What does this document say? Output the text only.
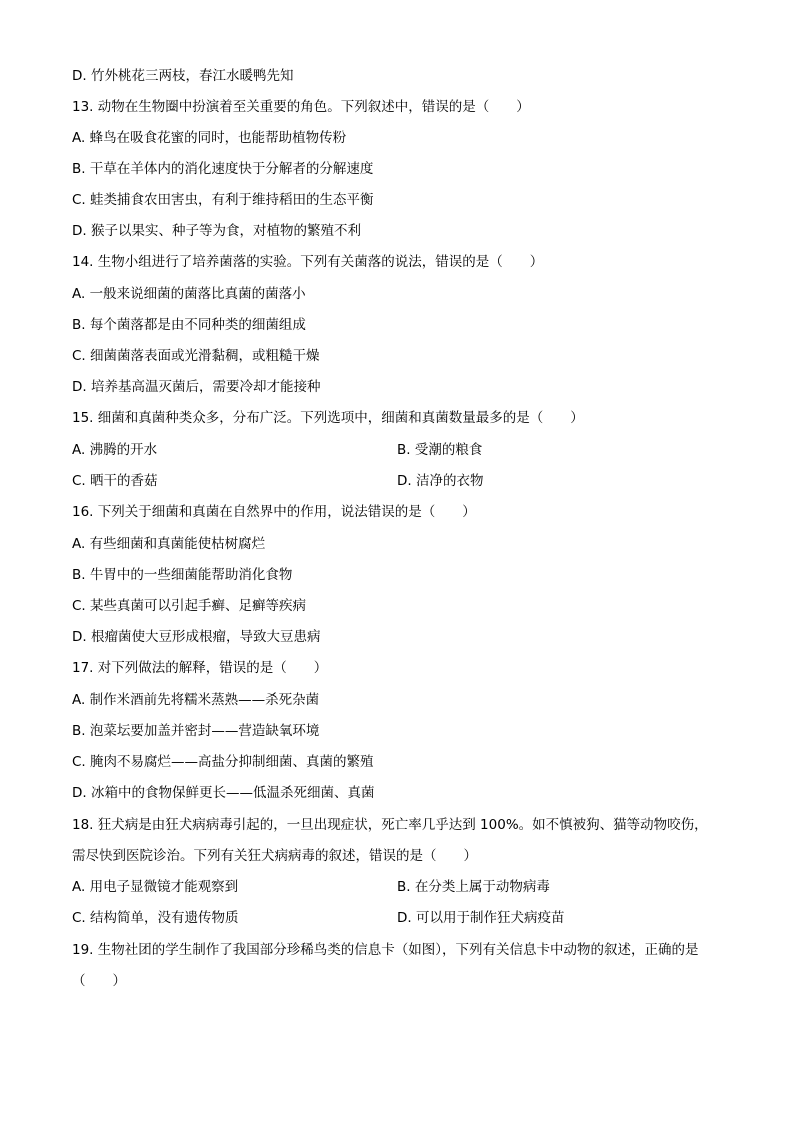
D. 竹外桃花三两枝，春江水暖鸭先知
13. 动物在生物圈中扮演着至关重要的角色。下列叙述中，错误的是（　　）
A. 蜂鸟在吸食花蜜的同时，也能帮助植物传粉
B. 干草在羊体内的消化速度快于分解者的分解速度
C. 蛙类捕食农田害虫，有利于维持稻田的生态平衡
D. 猴子以果实、种子等为食，对植物的繁殖不利
14. 生物小组进行了培养菌落的实验。下列有关菌落的说法，错误的是（　　）
A. 一般来说细菌的菌落比真菌的菌落小
B. 每个菌落都是由不同种类的细菌组成
C. 细菌菌落表面或光滑黏稠，或粗糙干燥
D. 培养基高温灭菌后，需要冷却才能接种
15. 细菌和真菌种类众多，分布广泛。下列选项中，细菌和真菌数量最多的是（　　）
A. 沸腾的开水	B. 受潮的粮食
C. 晒干的香菇	D. 洁净的衣物
16. 下列关于细菌和真菌在自然界中的作用，说法错误的是（　　）
A. 有些细菌和真菌能使枯树腐烂
B. 牛胃中的一些细菌能帮助消化食物
C. 某些真菌可以引起手癣、足癣等疾病
D. 根瘤菌使大豆形成根瘤，导致大豆患病
17. 对下列做法的解释，错误的是（　　）
A. 制作米酒前先将糯米蒸熟——杀死杂菌
B. 泡菜坛要加盖并密封——营造缺氧环境
C. 腌肉不易腐烂——高盐分抑制细菌、真菌的繁殖
D. 冰箱中的食物保鲜更长——低温杀死细菌、真菌
18. 狂犬病是由狂犬病病毒引起的，一旦出现症状，死亡率几乎达到 100%。如不慎被狗、猫等动物咬伤，
需尽快到医院诊治。下列有关狂犬病病毒的叙述，错误的是（　　）
A. 用电子显微镜才能观察到	B. 在分类上属于动物病毒
C. 结构简单，没有遗传物质	D. 可以用于制作狂犬病疫苗
19. 生物社团的学生制作了我国部分珍稀鸟类的信息卡（如图），下列有关信息卡中动物的叙述，正确的是
（　　）
